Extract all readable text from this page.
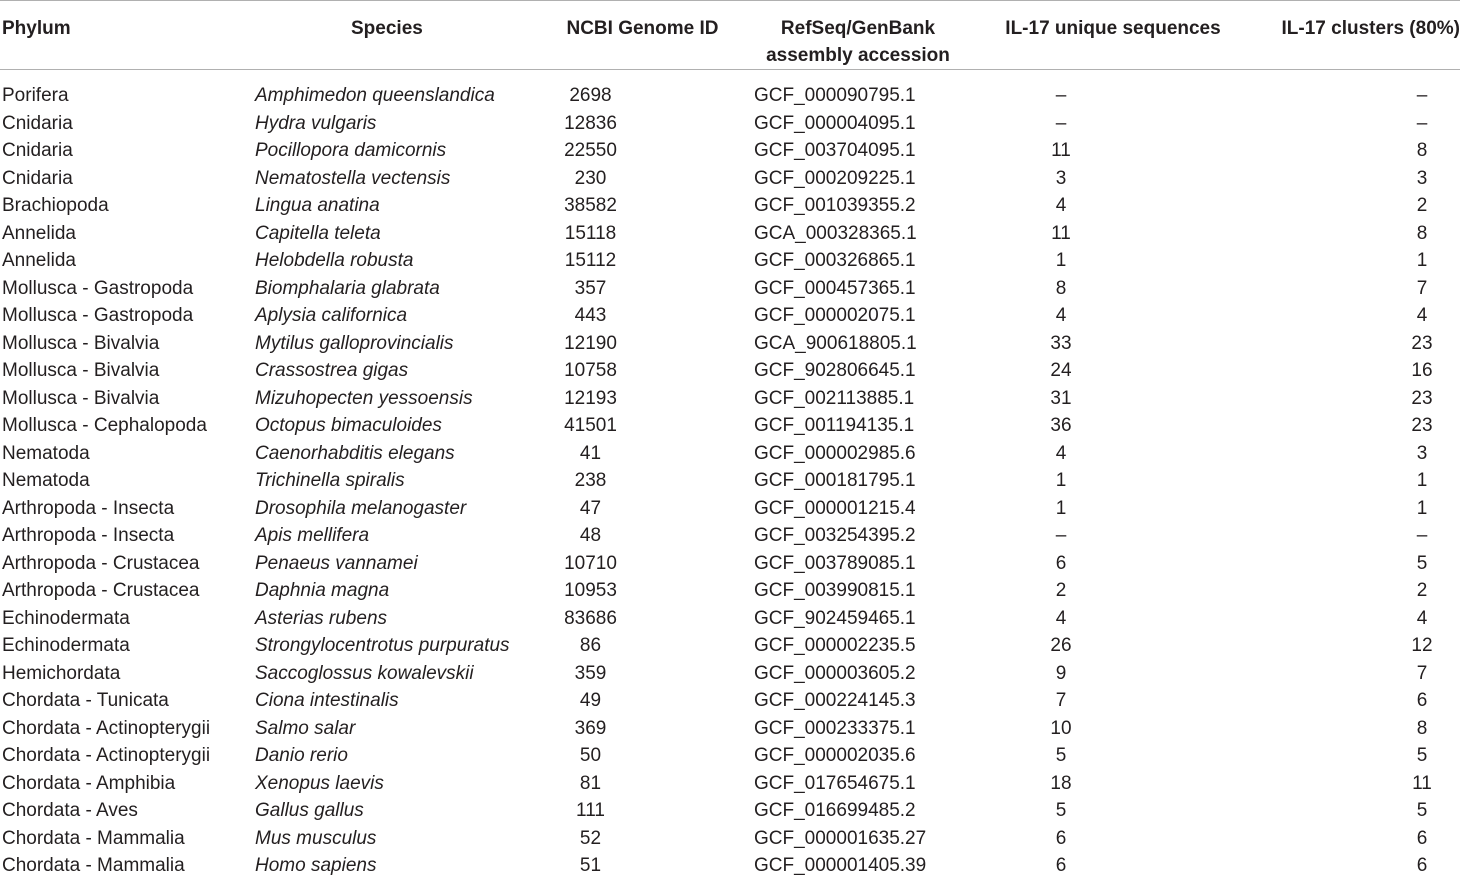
Phylum	Species	NCBI Genome ID	RefSeq/GenBank
assembly accession	IL-17 unique sequences	IL-17 clusters (80%)
Porifera	Amphimedon queenslandica	2698	GCF_000090795.1	–	–
Cnidaria	Hydra vulgaris	12836	GCF_000004095.1	–	–
Cnidaria	Pocillopora damicornis	22550	GCF_003704095.1	11	8
Cnidaria	Nematostella vectensis	230	GCF_000209225.1	3	3
Brachiopoda	Lingua anatina	38582	GCF_001039355.2	4	2
Annelida	Capitella teleta	15118	GCA_000328365.1	11	8
Annelida	Helobdella robusta	15112	GCF_000326865.1	1	1
Mollusca - Gastropoda	Biomphalaria glabrata	357	GCF_000457365.1	8	7
Mollusca - Gastropoda	Aplysia californica	443	GCF_000002075.1	4	4
Mollusca - Bivalvia	Mytilus galloprovincialis	12190	GCA_900618805.1	33	23
Mollusca - Bivalvia	Crassostrea gigas	10758	GCF_902806645.1	24	16
Mollusca - Bivalvia	Mizuhopecten yessoensis	12193	GCF_002113885.1	31	23
Mollusca - Cephalopoda	Octopus bimaculoides	41501	GCF_001194135.1	36	23
Nematoda	Caenorhabditis elegans	41	GCF_000002985.6	4	3
Nematoda	Trichinella spiralis	238	GCF_000181795.1	1	1
Arthropoda - Insecta	Drosophila melanogaster	47	GCF_000001215.4	1	1
Arthropoda - Insecta	Apis mellifera	48	GCF_003254395.2	–	–
Arthropoda - Crustacea	Penaeus vannamei	10710	GCF_003789085.1	6	5
Arthropoda - Crustacea	Daphnia magna	10953	GCF_003990815.1	2	2
Echinodermata	Asterias rubens	83686	GCF_902459465.1	4	4
Echinodermata	Strongylocentrotus purpuratus	86	GCF_000002235.5	26	12
Hemichordata	Saccoglossus kowalevskii	359	GCF_000003605.2	9	7
Chordata - Tunicata	Ciona intestinalis	49	GCF_000224145.3	7	6
Chordata - Actinopterygii	Salmo salar	369	GCF_000233375.1	10	8
Chordata - Actinopterygii	Danio rerio	50	GCF_000002035.6	5	5
Chordata - Amphibia	Xenopus laevis	81	GCF_017654675.1	18	11
Chordata - Aves	Gallus gallus	111	GCF_016699485.2	5	5
Chordata - Mammalia	Mus musculus	52	GCF_000001635.27	6	6
Chordata - Mammalia	Homo sapiens	51	GCF_000001405.39	6	6
